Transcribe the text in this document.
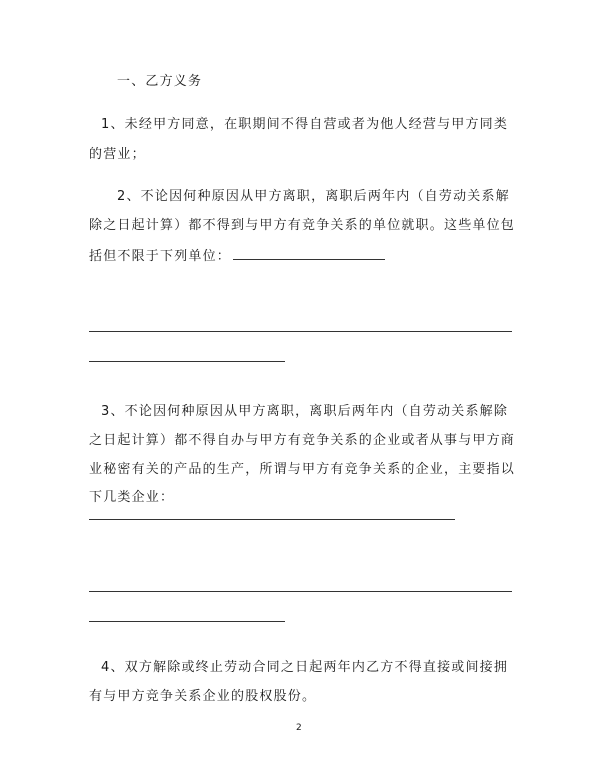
一、乙方义务
1、未经甲方同意，在职期间不得自营或者为他人经营与甲方同类
的营业；
2、不论因何种原因从甲方离职，离职后两年内（自劳动关系解
除之日起计算）都不得到与甲方有竞争关系的单位就职。这些单位包
括但不限于下列单位：
3、不论因何种原因从甲方离职，离职后两年内（自劳动关系解除
之日起计算）都不得自办与甲方有竞争关系的企业或者从事与甲方商
业秘密有关的产品的生产，所谓与甲方有竞争关系的企业，主要指以
下几类企业：
4、双方解除或终止劳动合同之日起两年内乙方不得直接或间接拥
有与甲方竞争关系企业的股权股份。
2
